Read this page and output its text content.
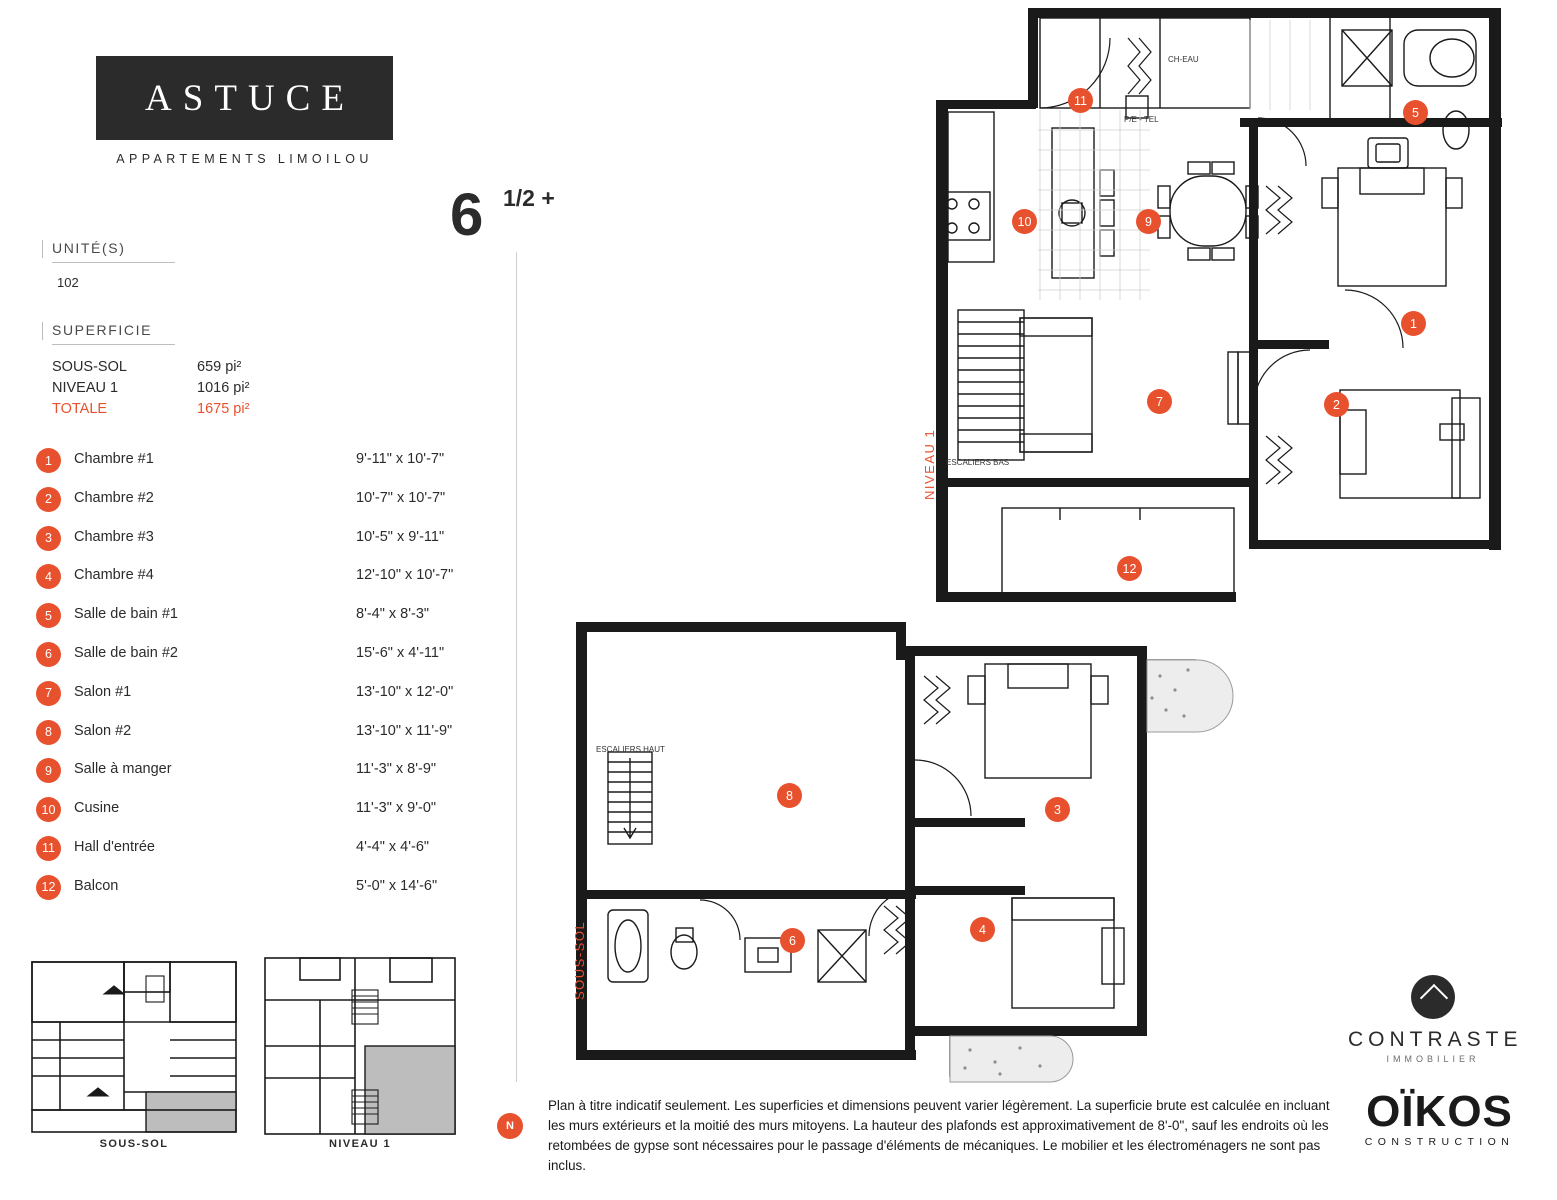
ASTUCE
APPARTEMENTS LIMOILOU
6 1/2 +
UNITÉ(S)
102
SUPERFICIE
SOUS-SOL	659 pi²
NIVEAU 1	1016 pi²
TOTALE	1675 pi²
1	Chambre #1	9'-11" x 10'-7"
2	Chambre #2	10'-7" x 10'-7"
3	Chambre #3	10'-5" x 9'-11"
4	Chambre #4	12'-10" x 10'-7"
5	Salle de bain #1	8'-4" x 8'-3"
6	Salle de bain #2	15'-6" x 4'-11"
7	Salon #1	13'-10" x 12'-0"
8	Salon #2	13'-10" x 11'-9"
9	Salle à manger	11'-3" x 8'-9"
10	Cusine	11'-3" x 9'-0"
11	Hall d'entrée	4'-4" x 4'-6"
12	Balcon	5'-0" x 14'-6"
SOUS-SOL	NIVEAU 1
N
Plan à titre indicatif seulement. Les superficies et dimensions peuvent varier légèrement. La superficie brute est calculée en incluant les murs extérieurs et la moitié des murs mitoyens. La hauteur des plafonds est approximativement de 8'-0", sauf les endroits où les retombées de gypse sont nécessaires pour le passage d'éléments de mécaniques. Le mobilier et les électroménagers ne sont pas inclus.
CONTRASTE
IMMOBILIER
OÏKOS
CONSTRUCTION
CH-EAU
P/E - TEL
ESCALIERS BAS
ESCALIERS HAUT
NIVEAU 1
SOUS-SOL
11
5
10	9
1
2
7
12
8
3
6
4
